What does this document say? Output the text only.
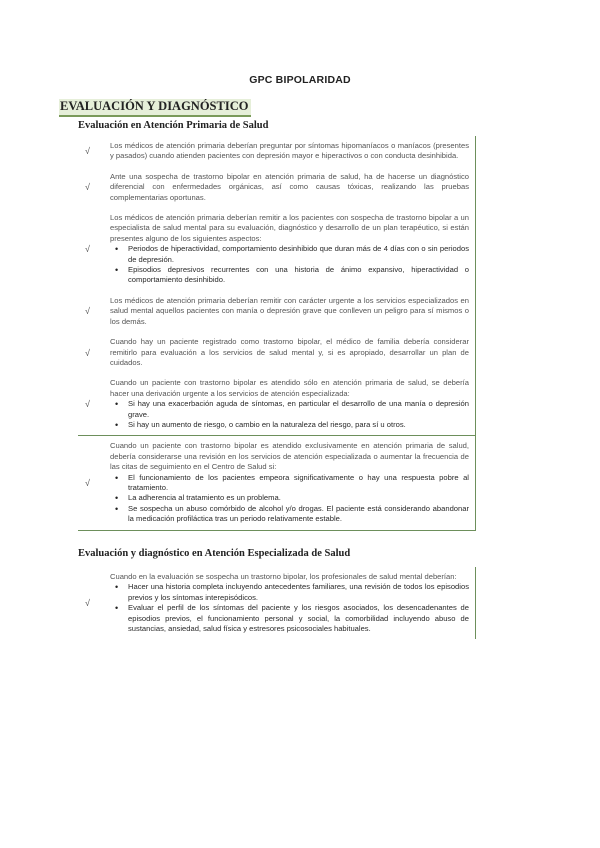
GPC BIPOLARIDAD
EVALUACIÓN Y DIAGNÓSTICO
Evaluación en Atención Primaria de Salud
√
Los médicos de atención primaria deberían preguntar por síntomas hipomaníacos o maníacos (presentes y pasados) cuando atienden pacientes con depresión mayor e hiperactivos o con conducta desinhibida.
√
Ante una sospecha de trastorno bipolar en atención primaria de salud, ha de hacerse un diagnóstico diferencial con enfermedades orgánicas, así como causas tóxicas, realizando las pruebas complementarias oportunas.
√
Los médicos de atención primaria deberían remitir a los pacientes con sospecha de trastorno bipolar a un especialista de salud mental para su evaluación, diagnóstico y desarrollo de un plan terapéutico, si están presentes alguno de los siguientes aspectos:
• Periodos de hiperactividad, comportamiento desinhibido que duran más de 4 días con o sin periodos de depresión.
• Episodios depresivos recurrentes con una historia de ánimo expansivo, hiperactividad o comportamiento desinhibido.
√
Los médicos de atención primaria deberían remitir con carácter urgente a los servicios especializados en salud mental aquellos pacientes con manía o depresión grave que conlleven un peligro para sí mismos o los demás.
√
Cuando hay un paciente registrado como trastorno bipolar, el médico de familia debería considerar remitirlo para evaluación a los servicios de salud mental y, si es apropiado, desarrollar un plan de cuidados.
√
Cuando un paciente con trastorno bipolar es atendido sólo en atención primaria de salud, se debería hacer una derivación urgente a los servicios de atención especializada:
• Si hay una exacerbación aguda de síntomas, en particular el desarrollo de una manía o depresión grave.
• Si hay un aumento de riesgo, o cambio en la naturaleza del riesgo, para sí u otros.
√
Cuando un paciente con trastorno bipolar es atendido exclusivamente en atención primaria de salud, debería considerarse una revisión en los servicios de atención especializada o aumentar la frecuencia de las citas de seguimiento en el Centro de Salud si:
• El funcionamiento de los pacientes empeora significativamente o hay una respuesta pobre al tratamiento.
• La adherencia al tratamiento es un problema.
• Se sospecha un abuso comórbido de alcohol y/o drogas. El paciente está considerando abandonar la medicación profiláctica tras un periodo relativamente estable.
Evaluación y diagnóstico en Atención Especializada de Salud
√
Cuando en la evaluación se sospecha un trastorno bipolar, los profesionales de salud mental deberían:
• Hacer una historia completa incluyendo antecedentes familiares, una revisión de todos los episodios previos y los síntomas interepisódicos.
• Evaluar el perfil de los síntomas del paciente y los riesgos asociados, los desencadenantes de episodios previos, el funcionamiento personal y social, la comorbilidad incluyendo abuso de sustancias, ansiedad, salud física y estresores psicosociales habituales.
